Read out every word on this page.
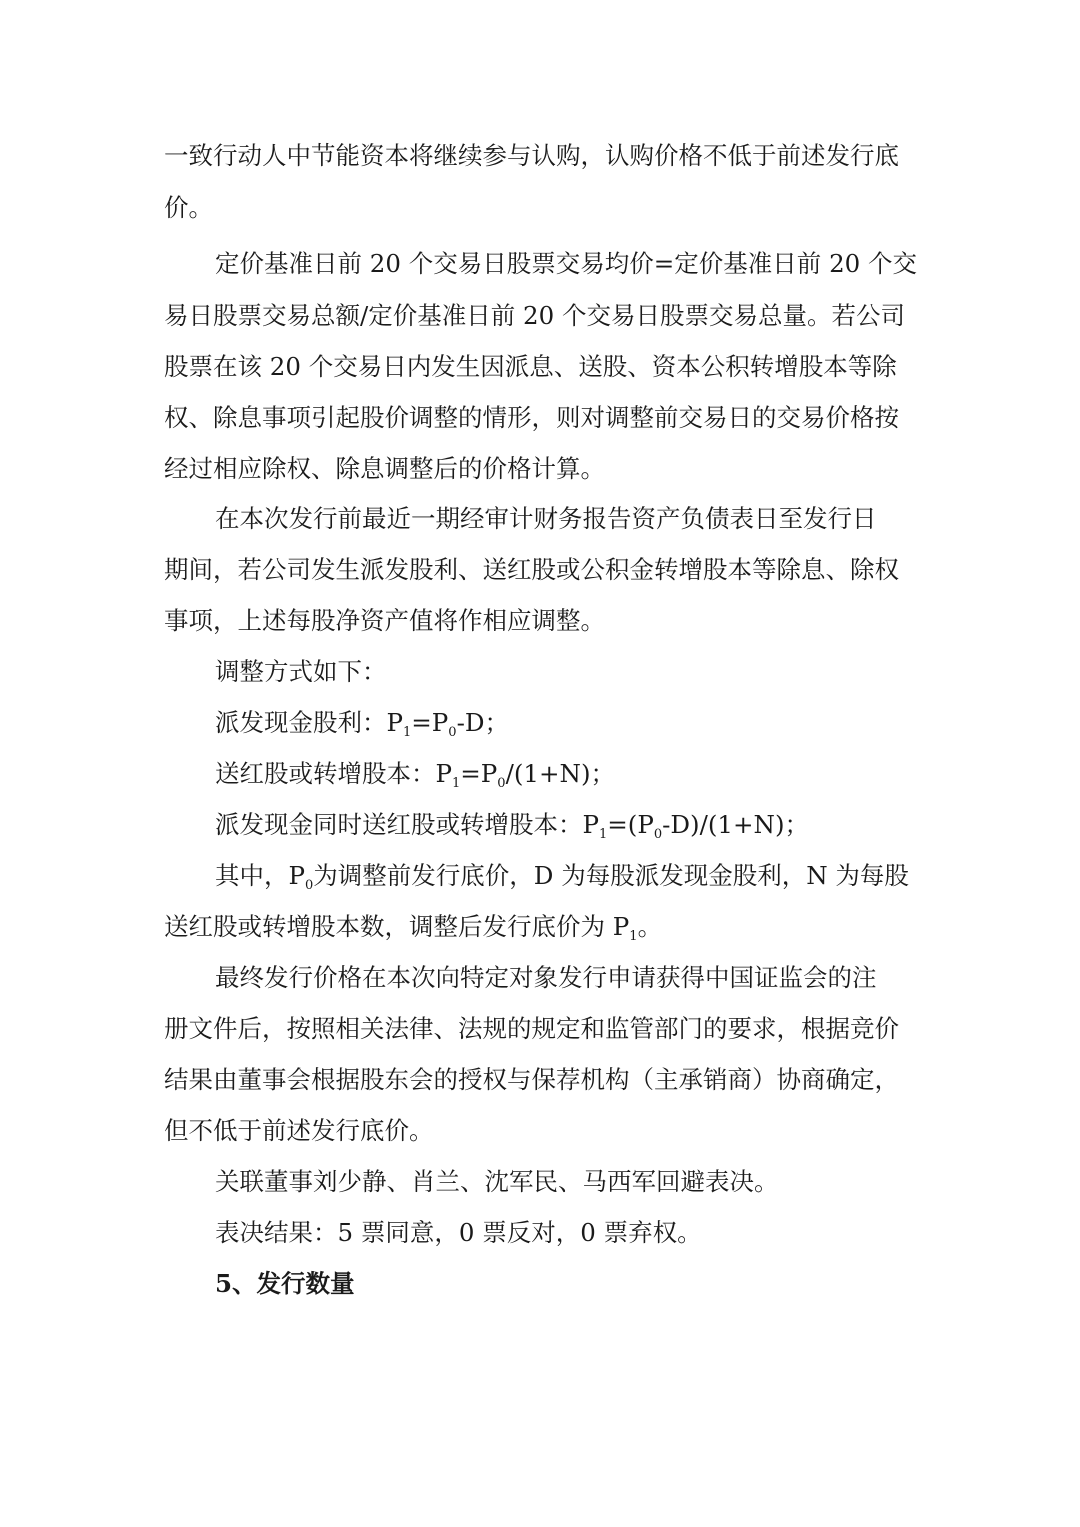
一致行动人中节能资本将继续参与认购，认购价格不低于前述发行底
价。
定价基准日前 20 个交易日股票交易均价=定价基准日前 20 个交
易日股票交易总额/定价基准日前 20 个交易日股票交易总量。若公司
股票在该 20 个交易日内发生因派息、送股、资本公积转增股本等除
权、除息事项引起股价调整的情形，则对调整前交易日的交易价格按
经过相应除权、除息调整后的价格计算。
在本次发行前最近一期经审计财务报告资产负债表日至发行日
期间，若公司发生派发股利、送红股或公积金转增股本等除息、除权
事项，上述每股净资产值将作相应调整。
调整方式如下：
派发现金股利：$P_1=P_0-D$；
送红股或转增股本：$P_1=P_0/(1+N)$；
派发现金同时送红股或转增股本：$P_1=(P_0-D)/(1+N)$；
其中，$P_0$为调整前发行底价，D 为每股派发现金股利，N 为每股
送红股或转增股本数，调整后发行底价为 $P_1$。
最终发行价格在本次向特定对象发行申请获得中国证监会的注
册文件后，按照相关法律、法规的规定和监管部门的要求，根据竞价
结果由董事会根据股东会的授权与保荐机构（主承销商）协商确定，
但不低于前述发行底价。
关联董事刘少静、肖兰、沈军民、马西军回避表决。
表决结果：5 票同意，0 票反对，0 票弃权。
5、发行数量
